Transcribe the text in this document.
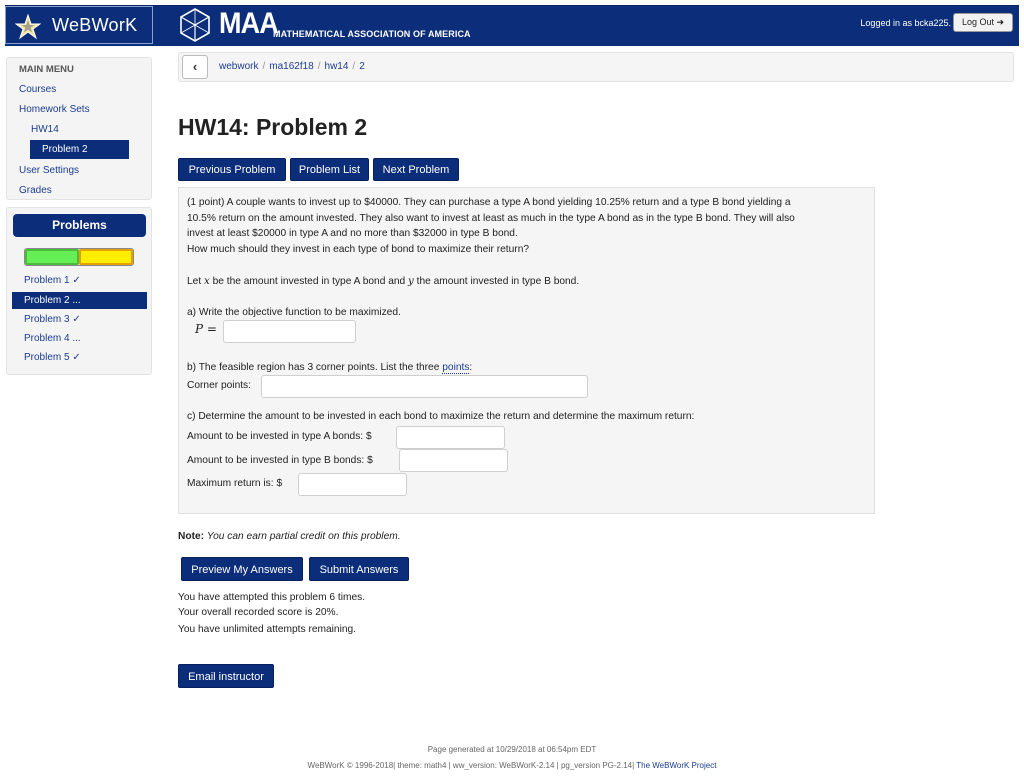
WeBWorK	MAA
MATHEMATICAL ASSOCIATION OF AMERICA
Logged in as bcka225.	Log Out ➜
MAIN MENU
Courses
Homework Sets
HW14
Problem 2
User Settings
Grades
Problems
Problem 1 ✓
Problem 2 ...
Problem 3 ✓
Problem 4 ...
Problem 5 ✓
‹	webwork / ma162f18 / hw14 / 2
HW14: Problem 2
Previous Problem	Problem List	Next Problem
(1 point) A couple wants to invest up to $40000. They can purchase a type A bond yielding 10.25% return and a type B bond yielding a
10.5% return on the amount invested. They also want to invest at least as much in the type A bond as in the type B bond. They will also
invest at least $20000 in type A and no more than $32000 in type B bond.
How much should they invest in each type of bond to maximize their return?
Let x be the amount invested in type A bond and y the amount invested in type B bond.
a) Write the objective function to be maximized.
P =
b) The feasible region has 3 corner points. List the three points:
Corner points:
c) Determine the amount to be invested in each bond to maximize the return and determine the maximum return:
Amount to be invested in type A bonds: $
Amount to be invested in type B bonds: $
Maximum return is: $
Note: You can earn partial credit on this problem.
Preview My Answers	Submit Answers
You have attempted this problem 6 times.
Your overall recorded score is 20%.
You have unlimited attempts remaining.
Email instructor
Page generated at 10/29/2018 at 06:54pm EDT
WeBWorK © 1996-2018| theme: math4 | ww_version: WeBWorK-2.14 | pg_version PG-2.14| The WeBWorK Project
